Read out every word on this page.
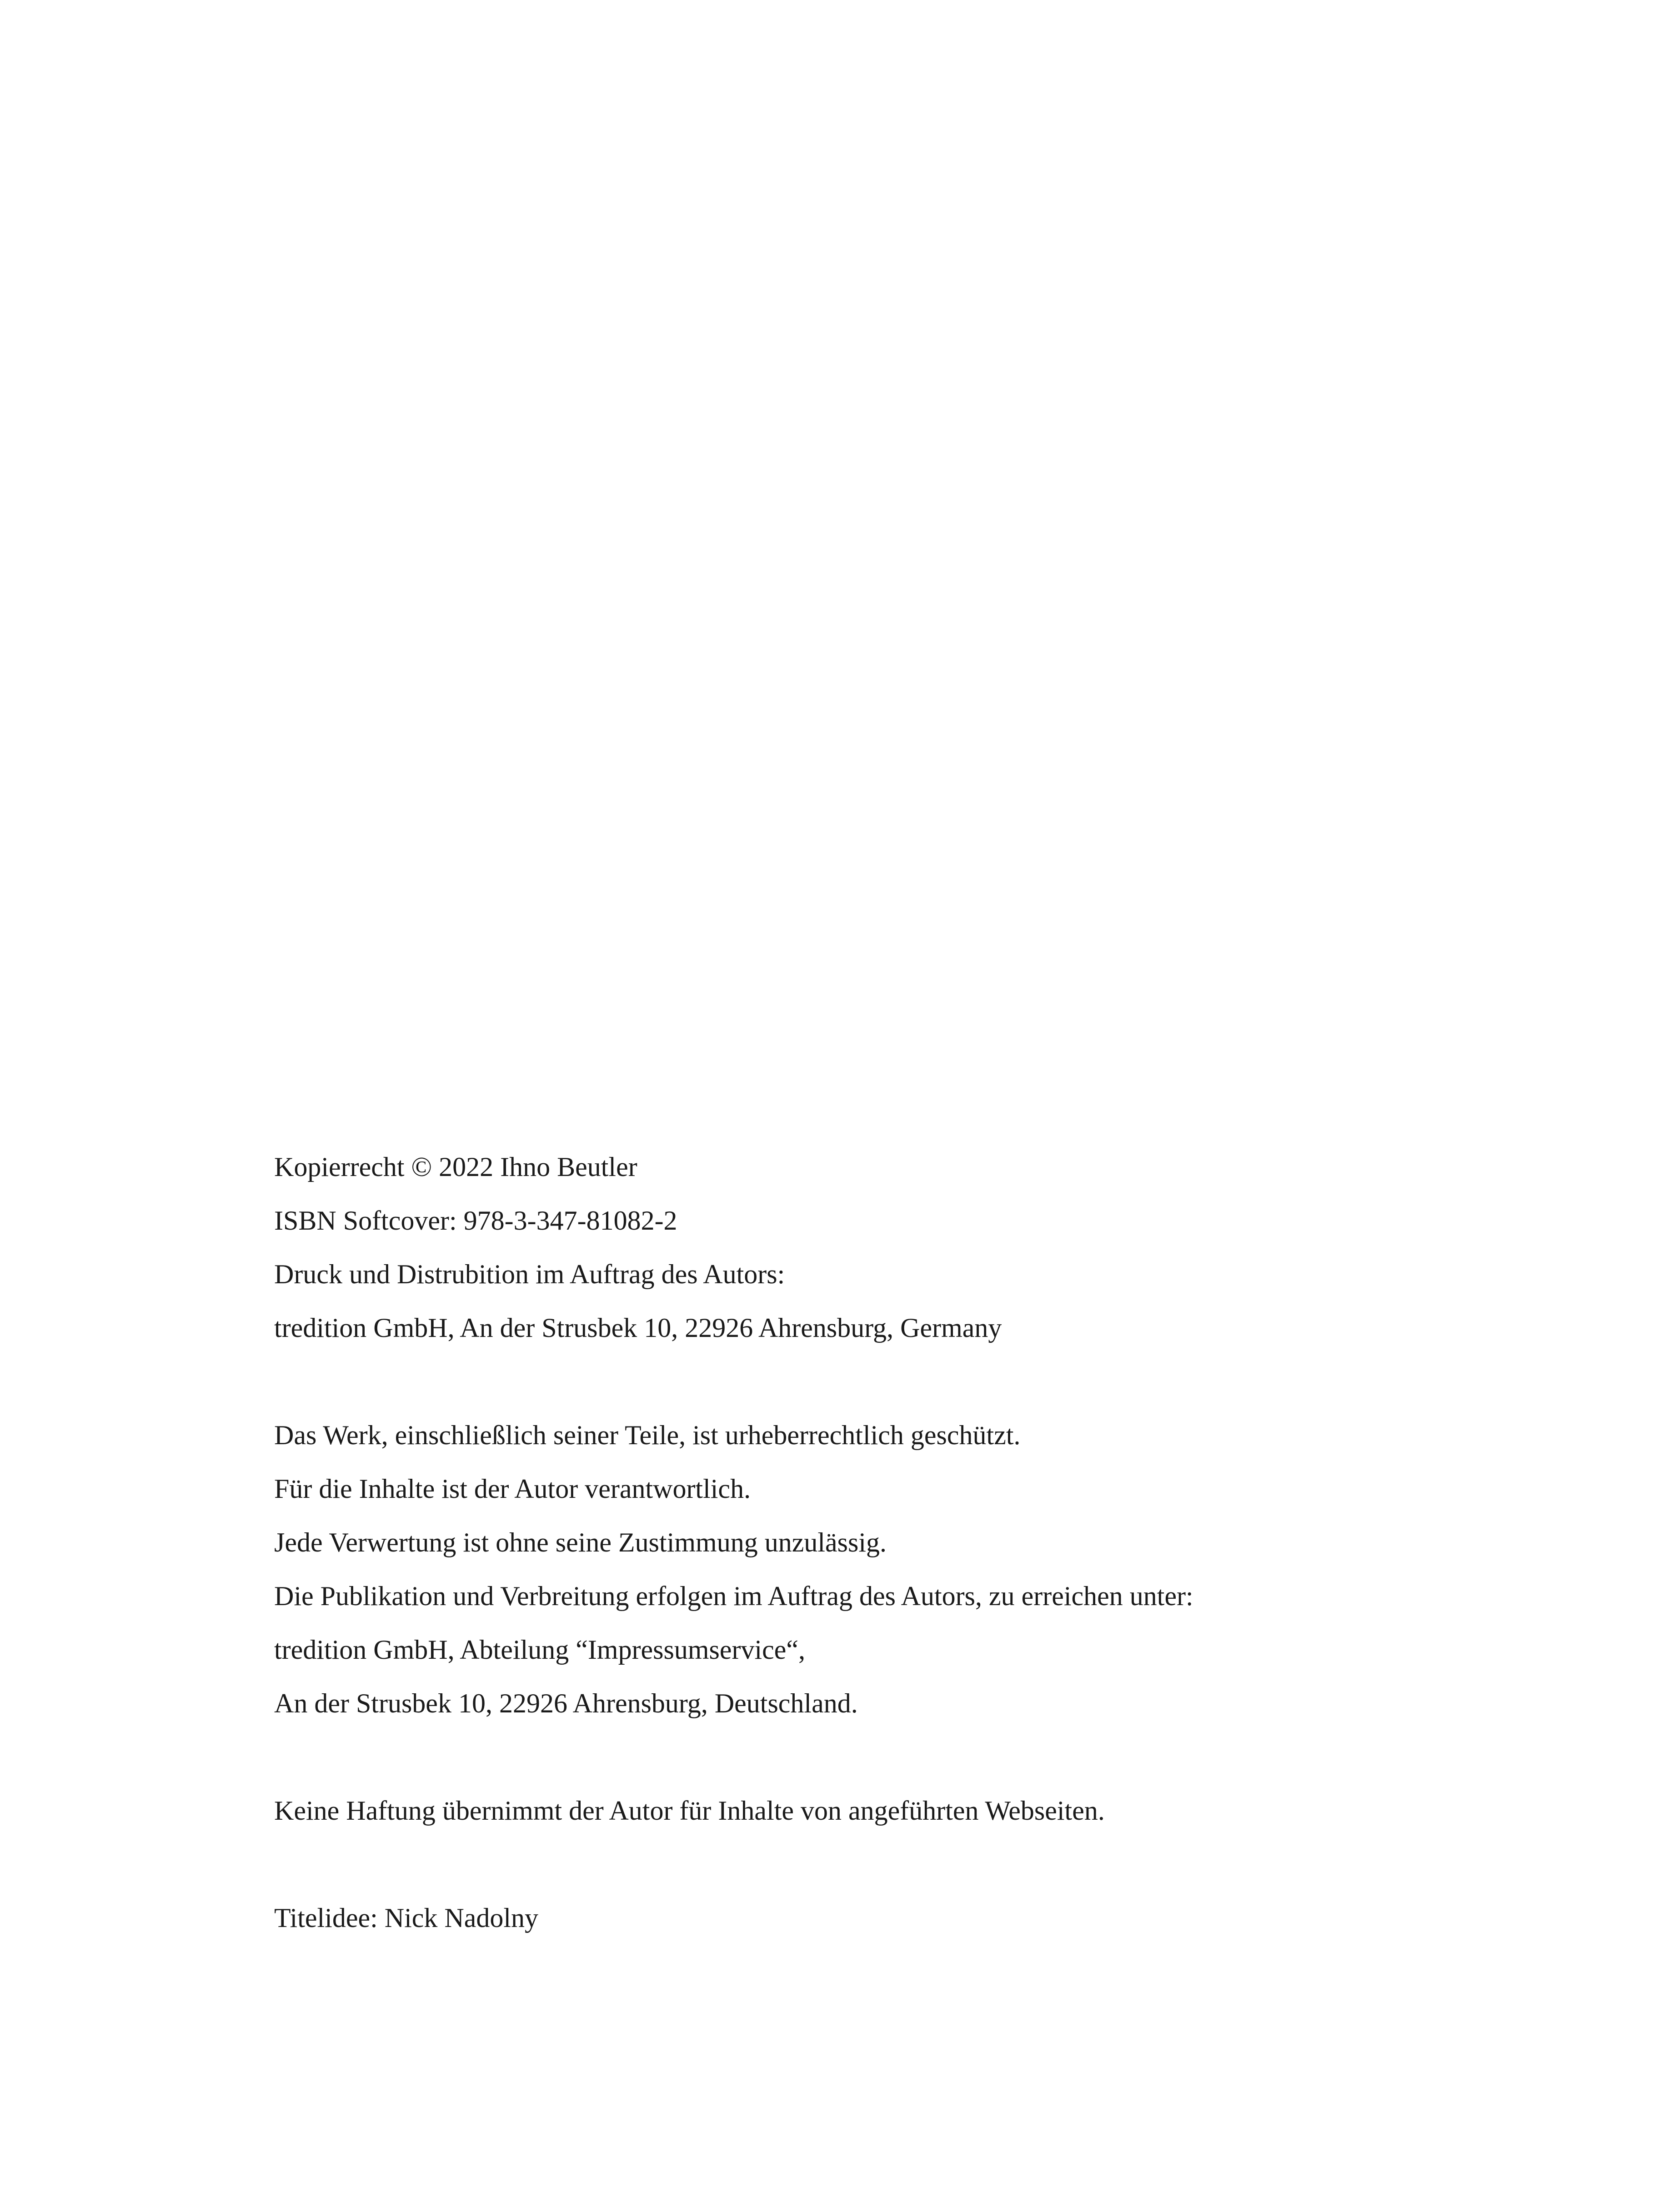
Kopierrecht © 2022 Ihno Beutler
ISBN Softcover: 978-3-347-81082-2
Druck und Distrubition im Auftrag des Autors:
tredition GmbH, An der Strusbek 10, 22926 Ahrensburg, Germany
Das Werk, einschließlich seiner Teile, ist urheberrechtlich geschützt.
Für die Inhalte ist der Autor verantwortlich.
Jede Verwertung ist ohne seine Zustimmung unzulässig.
Die Publikation und Verbreitung erfolgen im Auftrag des Autors, zu erreichen unter:
tredition GmbH, Abteilung “Impressumservice“,
An der Strusbek 10, 22926 Ahrensburg, Deutschland.
Keine Haftung übernimmt der Autor für Inhalte von angeführten Webseiten.
Titelidee: Nick Nadolny
